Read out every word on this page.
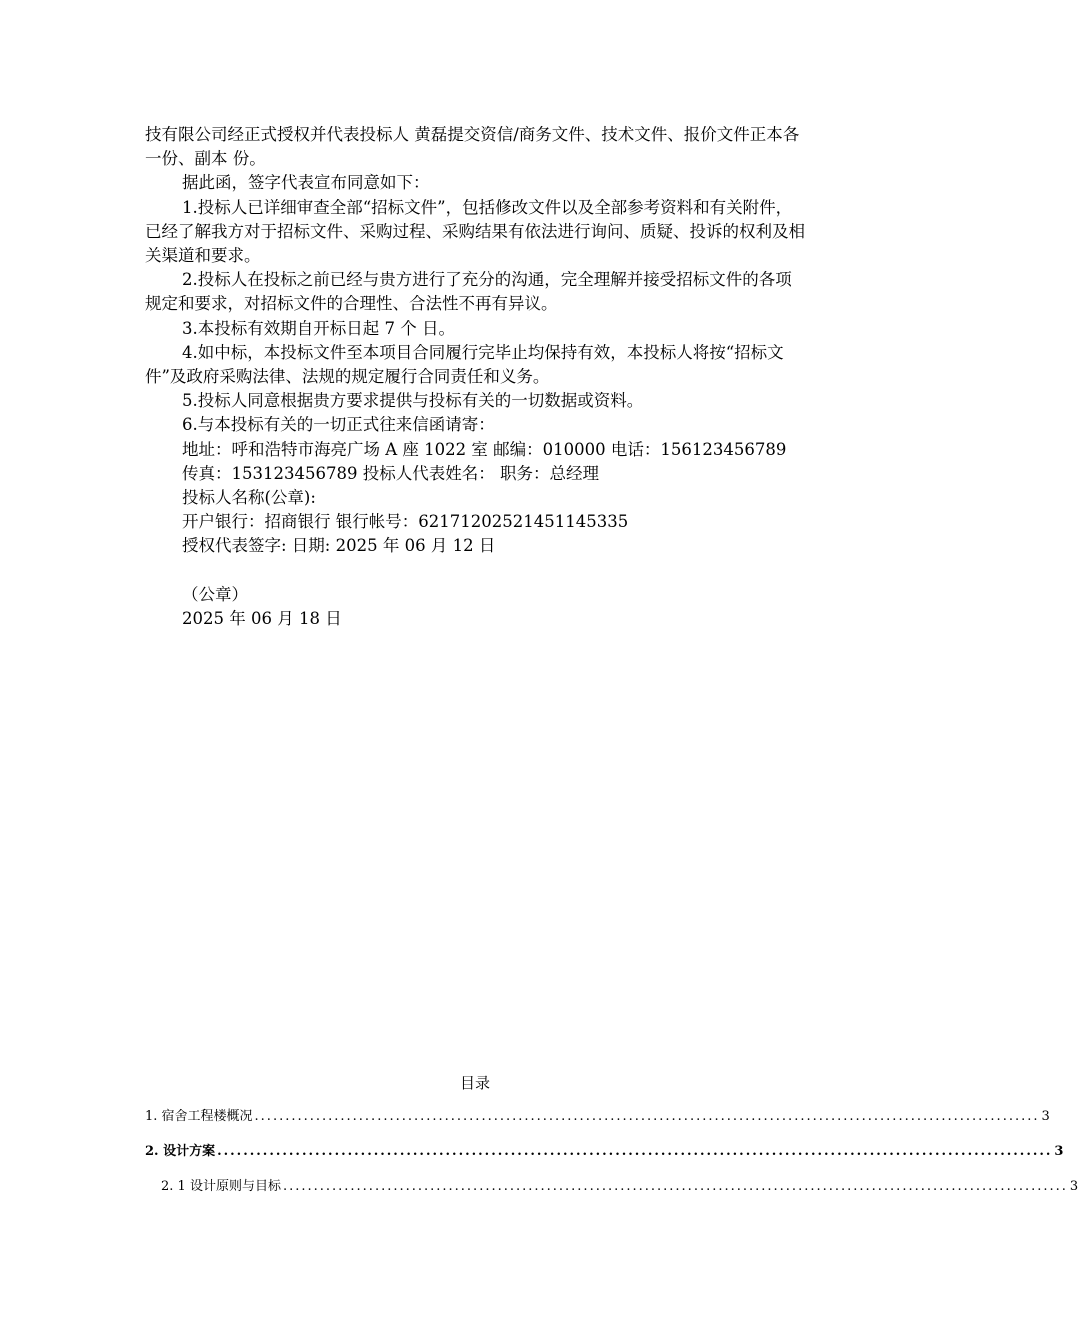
技有限公司经正式授权并代表投标人 黄磊提交资信/商务文件、技术文件、报价文件正本各一份、副本 份。

据此函，签字代表宣布同意如下：

1.投标人已详细审查全部“招标文件”，包括修改文件以及全部参考资料和有关附件，已经了解我方对于招标文件、采购过程、采购结果有依法进行询问、质疑、投诉的权利及相关渠道和要求。

2.投标人在投标之前已经与贵方进行了充分的沟通，完全理解并接受招标文件的各项规定和要求，对招标文件的合理性、合法性不再有异议。

3.本投标有效期自开标日起 7 个 日。

4.如中标，本投标文件至本项目合同履行完毕止均保持有效，本投标人将按“招标文件”及政府采购法律、法规的规定履行合同责任和义务。

5.投标人同意根据贵方要求提供与投标有关的一切数据或资料。

6.与本投标有关的一切正式往来信函请寄：

地址：呼和浩特市海亮广场 A 座 1022 室 邮编：010000 电话：156123456789

传真：153123456789 投标人代表姓名： 职务：总经理

投标人名称(公章):

开户银行：招商银行 银行帐号：62171202521451145335

授权代表签字: 日期: 2025 年 06 月 12 日

（公章）

2025 年 06 月 18 日

目录
1. 宿舍工程楼概况 ................................................................................................................................ 3
2. 设计方案 ................................................................................................................................ 3
2. 1 设计原则与目标 ................................................................................................................................ 3
